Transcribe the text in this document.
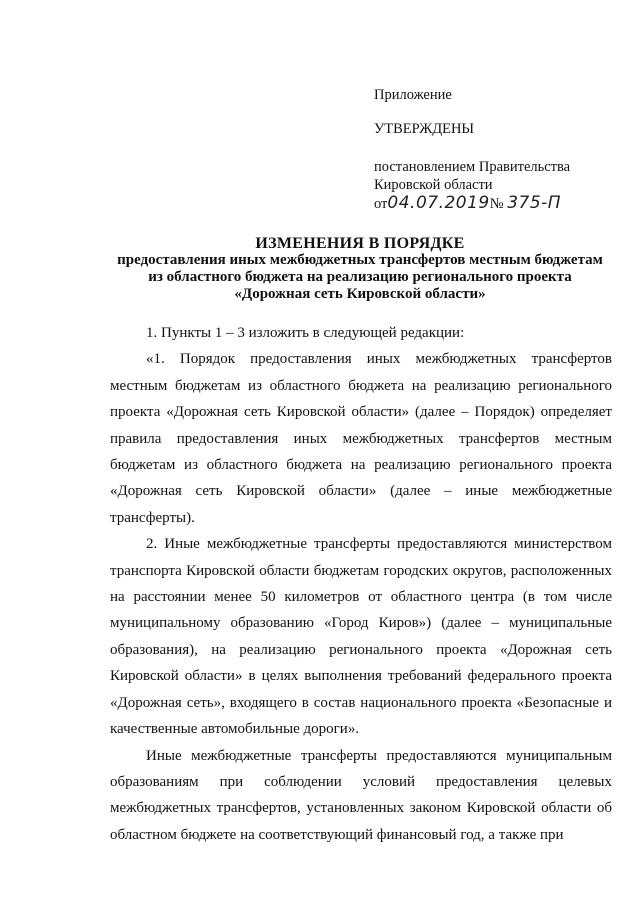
Приложение
УТВЕРЖДЕНЫ
постановлением Правительства
Кировской области
от04.07.2019№ 375-П
ИЗМЕНЕНИЯ В ПОРЯДКЕ
предоставления иных межбюджетных трансфертов местным бюджетам
из областного бюджета на реализацию регионального проекта
«Дорожная сеть Кировской области»

1. Пункты 1 – 3 изложить в следующей редакции:

«1. Порядок предоставления иных межбюджетных трансфертов местным бюджетам из областного бюджета на реализацию регионального проекта «Дорожная сеть Кировской области» (далее – Порядок) определяет правила предоставления иных межбюджетных трансфертов местным бюджетам из областного бюджета на реализацию регионального проекта «Дорожная сеть Кировской области» (далее – иные межбюджетные трансферты).

2. Иные межбюджетные трансферты предоставляются министерством транспорта Кировской области бюджетам городских округов, расположенных на расстоянии менее 50 километров от областного центра (в том числе муниципальному образованию «Город Киров») (далее – муниципальные образования), на реализацию регионального проекта «Дорожная сеть Кировской области» в целях выполнения требований федерального проекта «Дорожная сеть», входящего в состав национального проекта «Безопасные и качественные автомобильные дороги».

Иные межбюджетные трансферты предоставляются муниципальным образованиям при соблюдении условий предоставления целевых межбюджетных трансфертов, установленных законом Кировской области об областном бюджете на соответствующий финансовый год, а также при
